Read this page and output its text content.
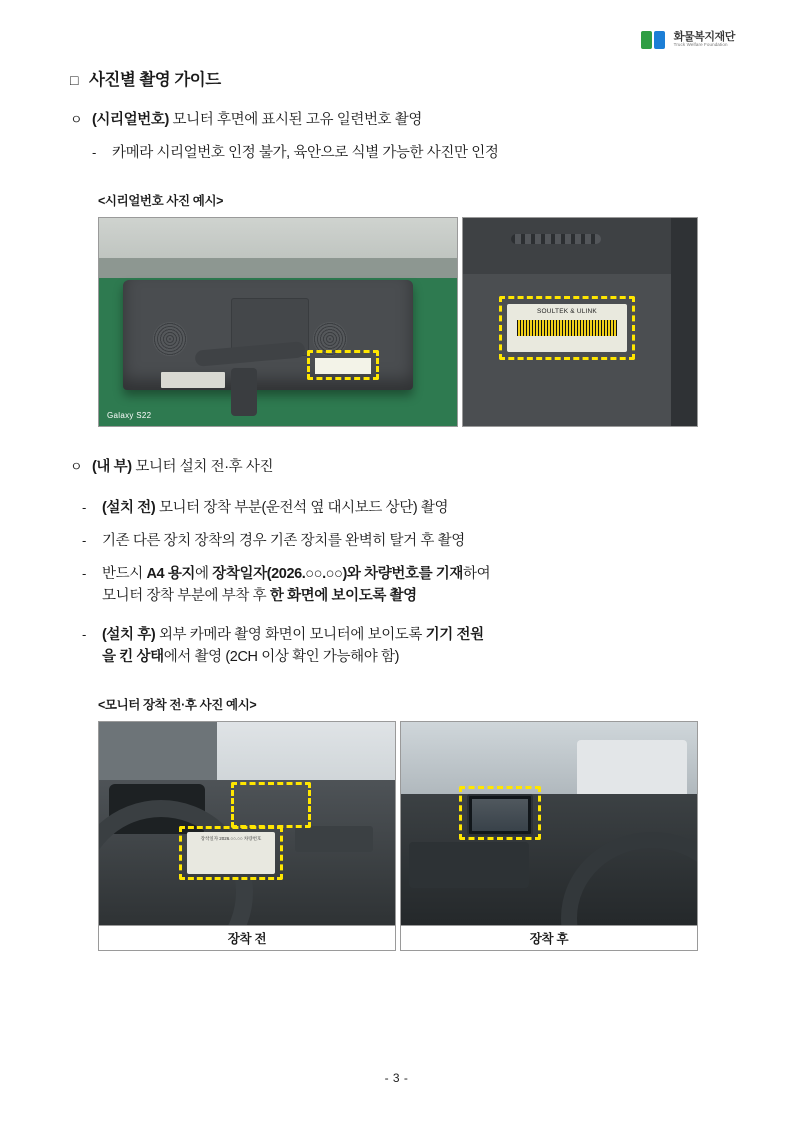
화물복지재단
Truck Welfare Foundation
□ 사진별 촬영 가이드

ㅇ (시리얼번호) 모니터 후면에 표시된 고유 일련번호 촬영

-	카메라 시리얼번호 인정 불가, 육안으로 식별 가능한 사진만 인정

<시리얼번호 사진 예시>
Galaxy S22
SOULTEK & ULINK

ㅇ (내 부) 모니터 설치 전·후 사진

-	(설치 전) 모니터 장착 부분(운전석 옆 대시보드 상단) 촬영

-	기존 다른 장치 장착의 경우 기존 장치를 완벽히 탈거 후 촬영

-	반드시 A4 용지에 장착일자(2026.○○.○○)와 차량번호를 기재하여
모니터 장착 부분에 부착 후 한 화면에 보이도록 촬영

-	(설치 후) 외부 카메라 촬영 화면이 모니터에 보이도록 기기 전원
을 킨 상태에서 촬영 (2CH 이상 확인 가능해야 함)

<모니터 장착 전·후 사진 예시>
장착일자 2026.○○.○○ 차량번호
장착 전	장착 후
- 3 -
